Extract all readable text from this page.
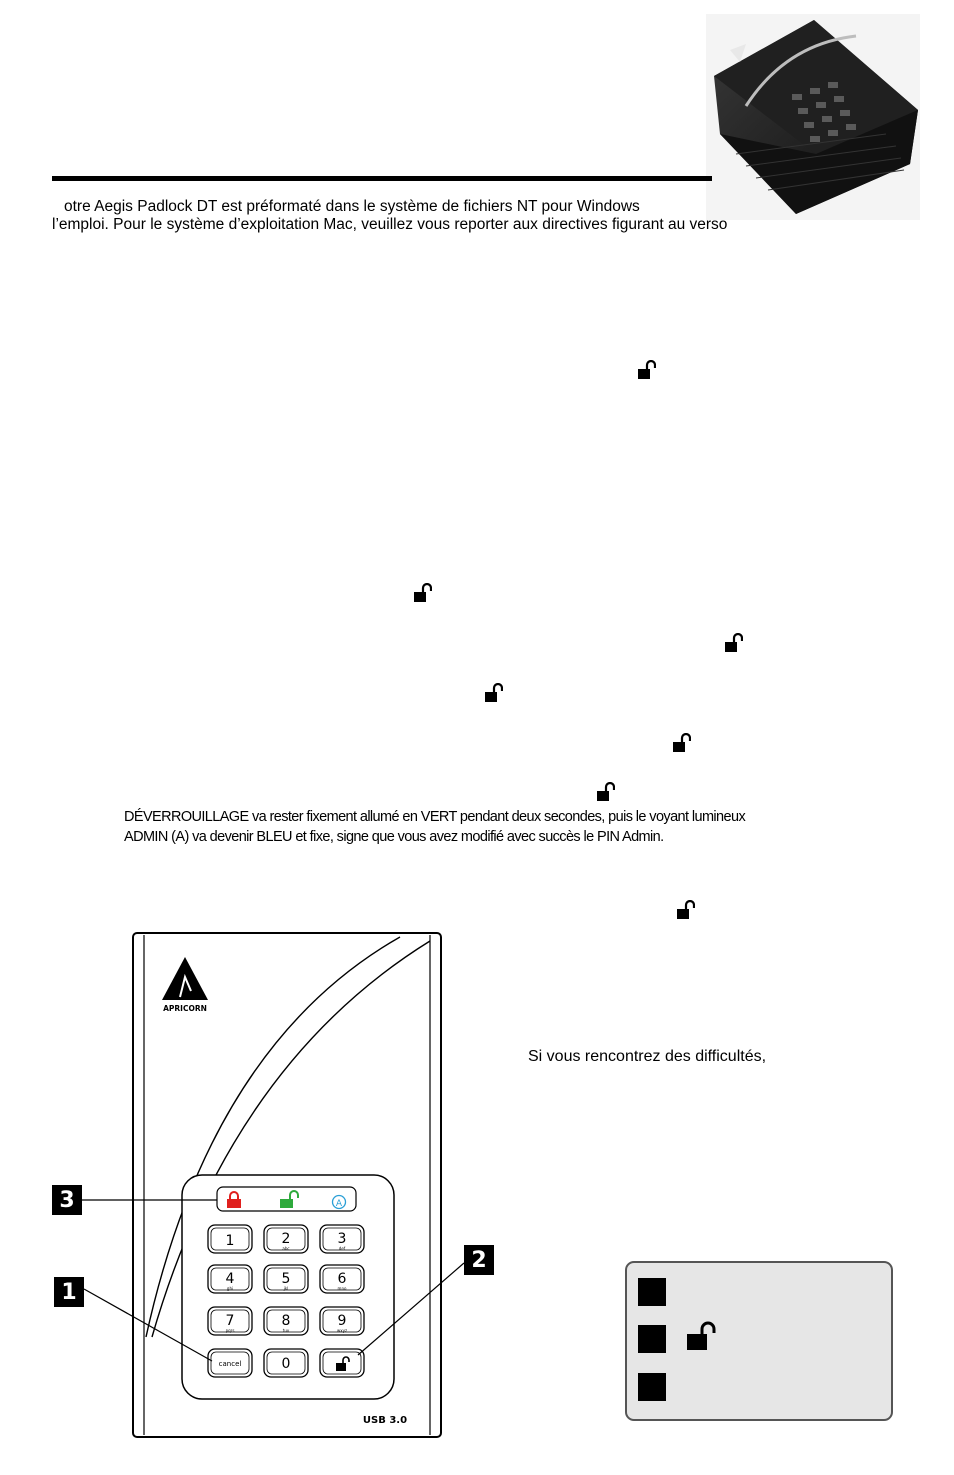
otre Aegis Padlock DT est préformaté dans le système de fichiers NT pour Windows
l’emploi. Pour le système d’exploitation Mac, veuillez vous reporter aux directives figurant au verso
DÉVERROUILLAGE va rester fixement allumé en VERT pendant deux secondes, puis le voyant lumineux
ADMIN (A) va devenir BLEU et fixe, signe que vous avez modifié avec succès le PIN Admin.
Si vous rencontrez des difficultés,
APRICORN
A
1	2
abc
3
def
4
ghi
5
jkl
6
mno
7
pqrs
8
tuv
9
wxyz
cancel	0
USB 3.0
3
1
2
